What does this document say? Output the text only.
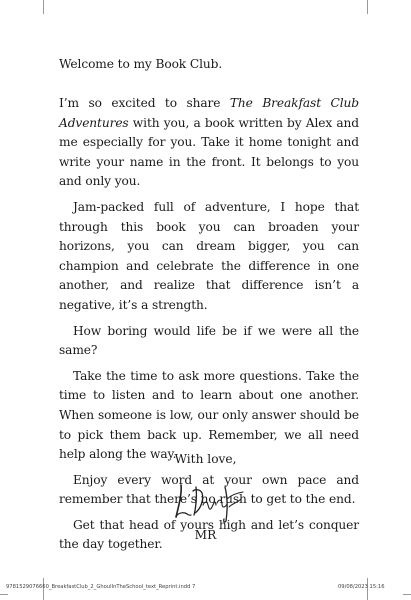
Welcome to my Book Club.

I’m so excited to share The Breakfast Club Adventures with you, a book written by Alex and me especially for you. Take it home tonight and write your name in the front. It belongs to you and only you.

Jam-packed full of adventure, I hope that through this book you can broaden your horizons, you can dream bigger, you can champion and celebrate the difference in one another, and realize that difference isn’t a negative, it’s a strength.

How boring would life be if we were all the same?

Take the time to ask more questions. Take the time to listen and to learn about one another. When someone is low, our only answer should be to pick them back up. Remember, we all need help along the way.

Enjoy every word at your own pace and remember that there’s no rush to get to the end.

Get that head of yours high and let’s conquer the day together.

With love,
MR
9781529076660_BreakfastClub_2_GhoulInTheSchool_text_Reprint.indd 7	09/08/2023 15:16
